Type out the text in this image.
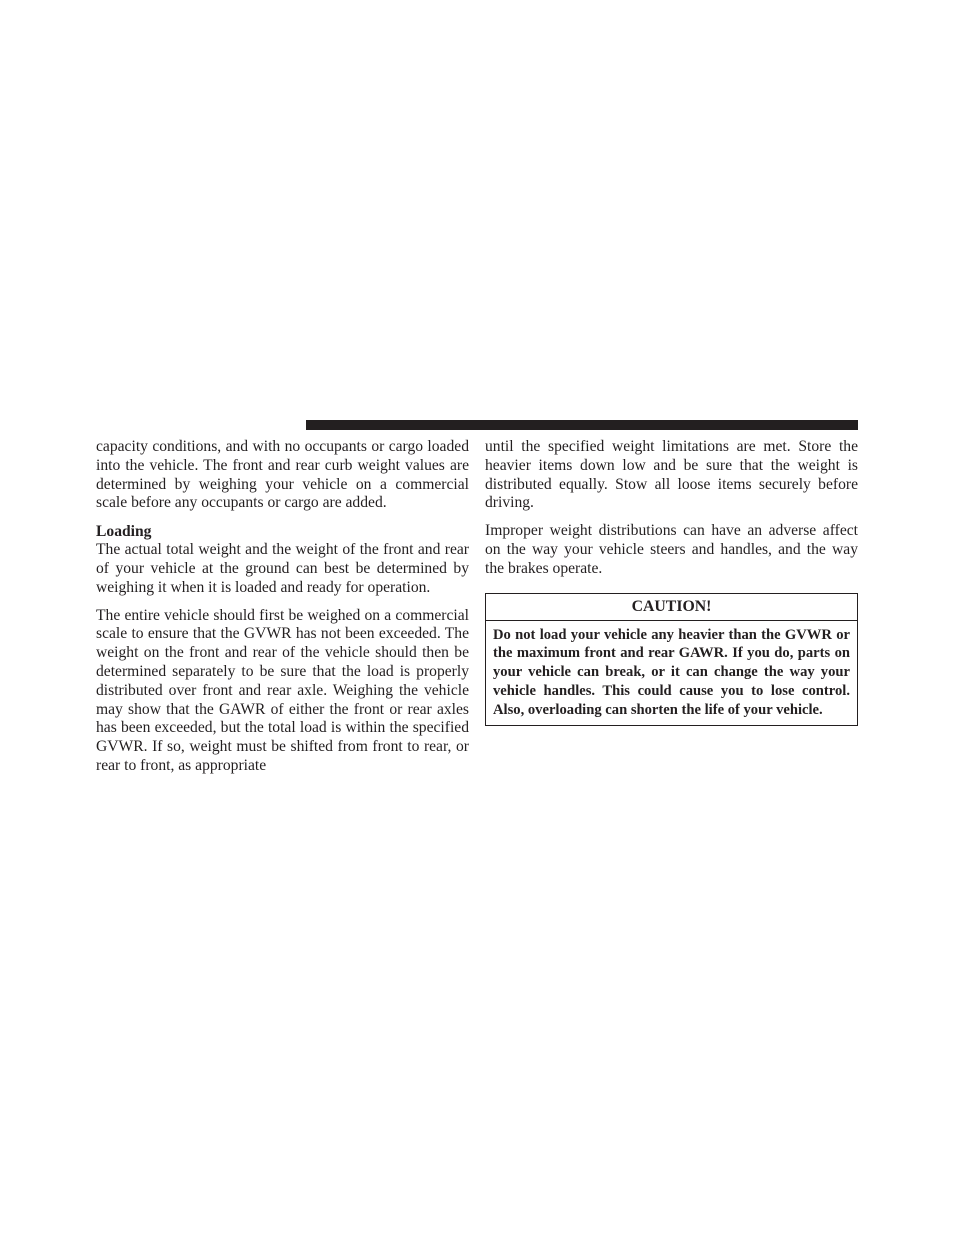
capacity conditions, and with no occupants or cargo loaded into the vehicle. The front and rear curb weight values are determined by weighing your vehicle on a commercial scale before any occupants or cargo are added.

Loading

The actual total weight and the weight of the front and rear of your vehicle at the ground can best be determined by weighing it when it is loaded and ready for operation.

The entire vehicle should first be weighed on a commercial scale to ensure that the GVWR has not been exceeded. The weight on the front and rear of the vehicle should then be determined separately to be sure that the load is properly distributed over front and rear axle. Weighing the vehicle may show that the GAWR of either the front or rear axles has been exceeded, but the total load is within the specified GVWR. If so, weight must be shifted from front to rear, or rear to front, as appropriate

until the specified weight limitations are met. Store the heavier items down low and be sure that the weight is distributed equally. Stow all loose items securely before driving.

Improper weight distributions can have an adverse affect on the way your vehicle steers and handles, and the way the brakes operate.

CAUTION!
Do not load your vehicle any heavier than the GVWR or the maximum front and rear GAWR. If you do, parts on your vehicle can break, or it can change the way your vehicle handles. This could cause you to lose control. Also, overloading can shorten the life of your vehicle.
